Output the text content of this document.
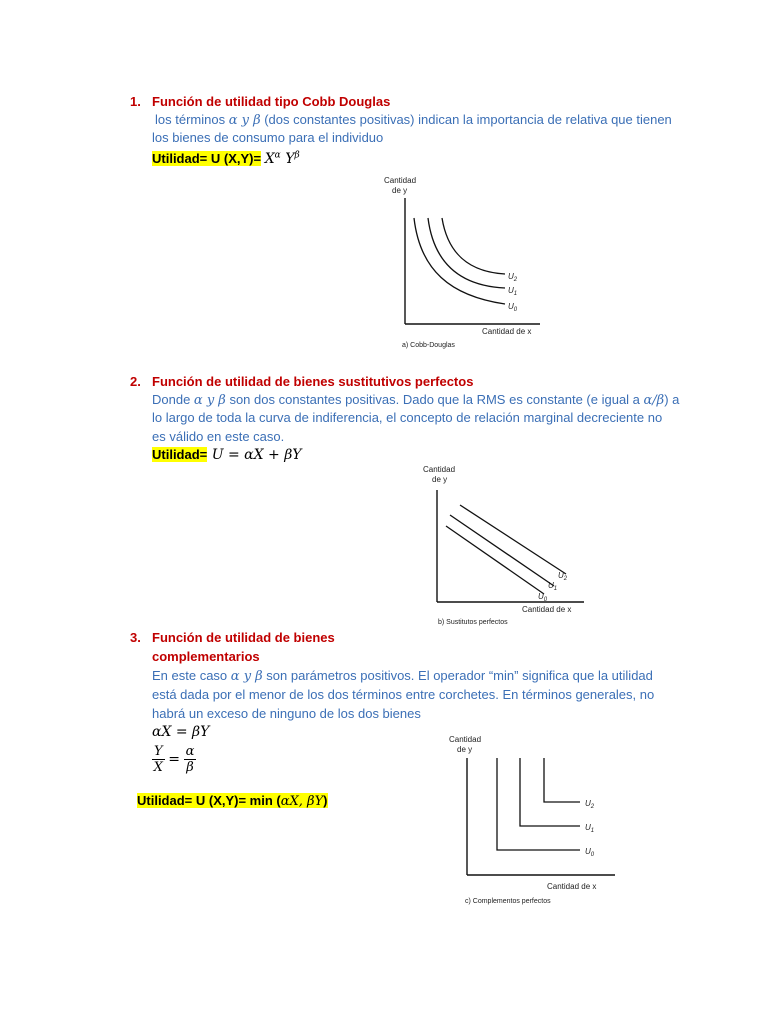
1. Función de utilidad tipo Cobb Douglas
los términos α y β (dos constantes positivas) indican la importancia de relativa que tienen
los bienes de consumo para el individuo
Utilidad= U $(X,Y)= X^\alpha$ $Y^\beta$
Cantidad
de y
$U_2$
$U_1$
$U_0$
Cantidad de x
a) Cobb-Douglas
2. Función de utilidad de bienes sustitutivos perfectos
Donde α y β son dos constantes positivas. Dado que la RMS es constante (e igual a α/β) a
lo largo de toda la curva de indiferencia, el concepto de relación marginal decreciente no
es válido en este caso.
Utilidad= U = αX + βY
Cantidad
de y
$U_2$
$U_1$
$U_0$
Cantidad de x
b) Sustitutos perfectos
3. Función de utilidad de bienes
complementarios
En este caso α y β son parámetros positivos. El operador “min” significa que la utilidad
está dada por el menor de los dos términos entre corchetes. En términos generales, no
habrá un exceso de ninguno de los dos bienes
αX = βY
$\frac{Y}{X} = \frac{\alpha}{\beta}$
Utilidad= U (X,Y)= min (αX, βY)
Cantidad
de y
$U_2$
$U_1$
$U_0$
Cantidad de x
c) Complementos perfectos
